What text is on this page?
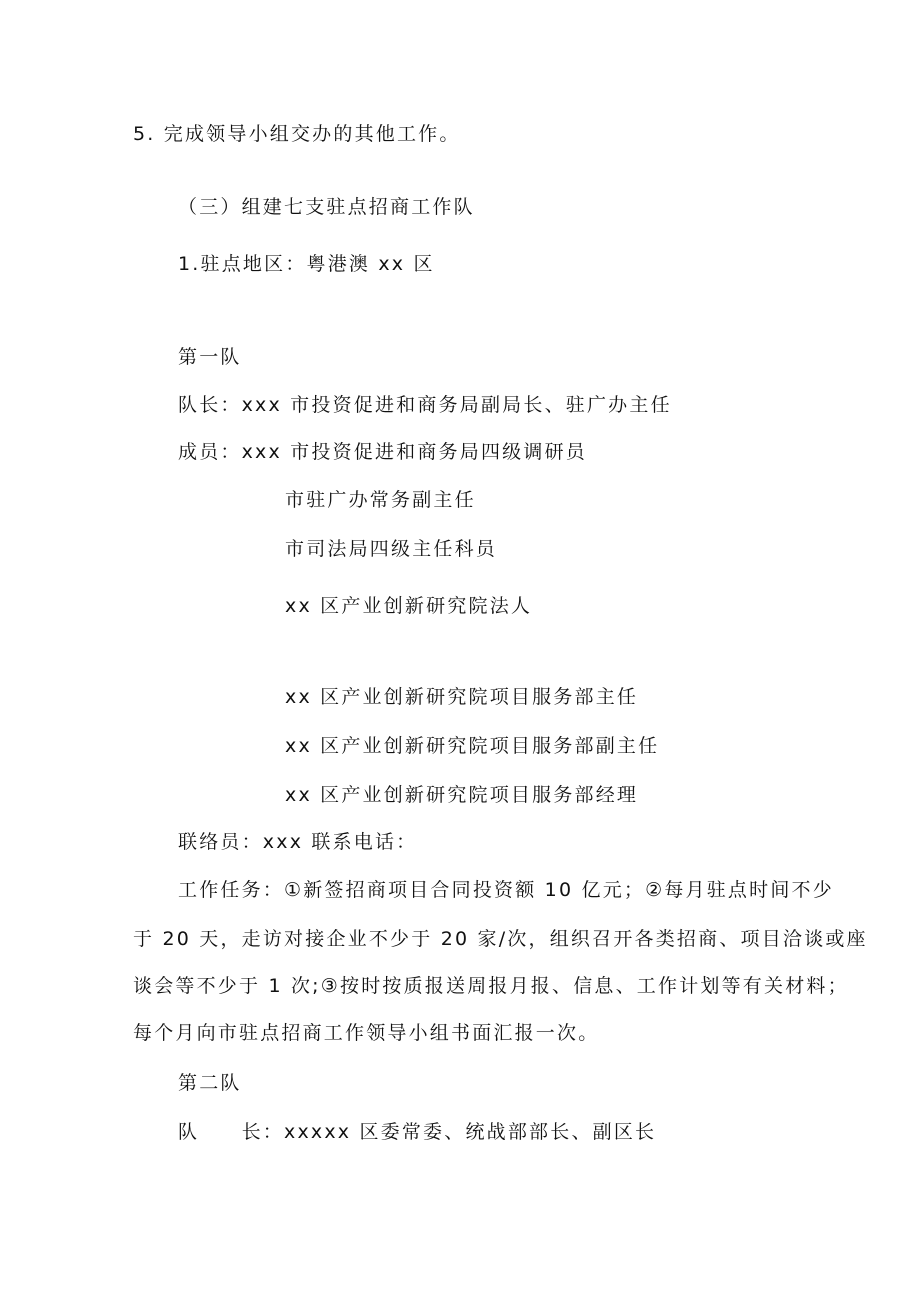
5. 完成领导小组交办的其他工作。

（三）组建七支驻点招商工作队

1.驻点地区：粤港澳 xx 区

第一队

队长：xxx 市投资促进和商务局副局长、驻广办主任

成员：xxx 市投资促进和商务局四级调研员

市驻广办常务副主任

市司法局四级主任科员

xx 区产业创新研究院法人

xx 区产业创新研究院项目服务部主任

xx 区产业创新研究院项目服务部副主任

xx 区产业创新研究院项目服务部经理

联络员：xxx 联系电话：

工作任务：①新签招商项目合同投资额 10 亿元；②每月驻点时间不少

于 20 天，走访对接企业不少于 20 家/次，组织召开各类招商、项目洽谈或座

谈会等不少于 1 次;③按时按质报送周报月报、信息、工作计划等有关材料；

每个月向市驻点招商工作领导小组书面汇报一次。

第二队

队　　长：xxxxx 区委常委、统战部部长、副区长
